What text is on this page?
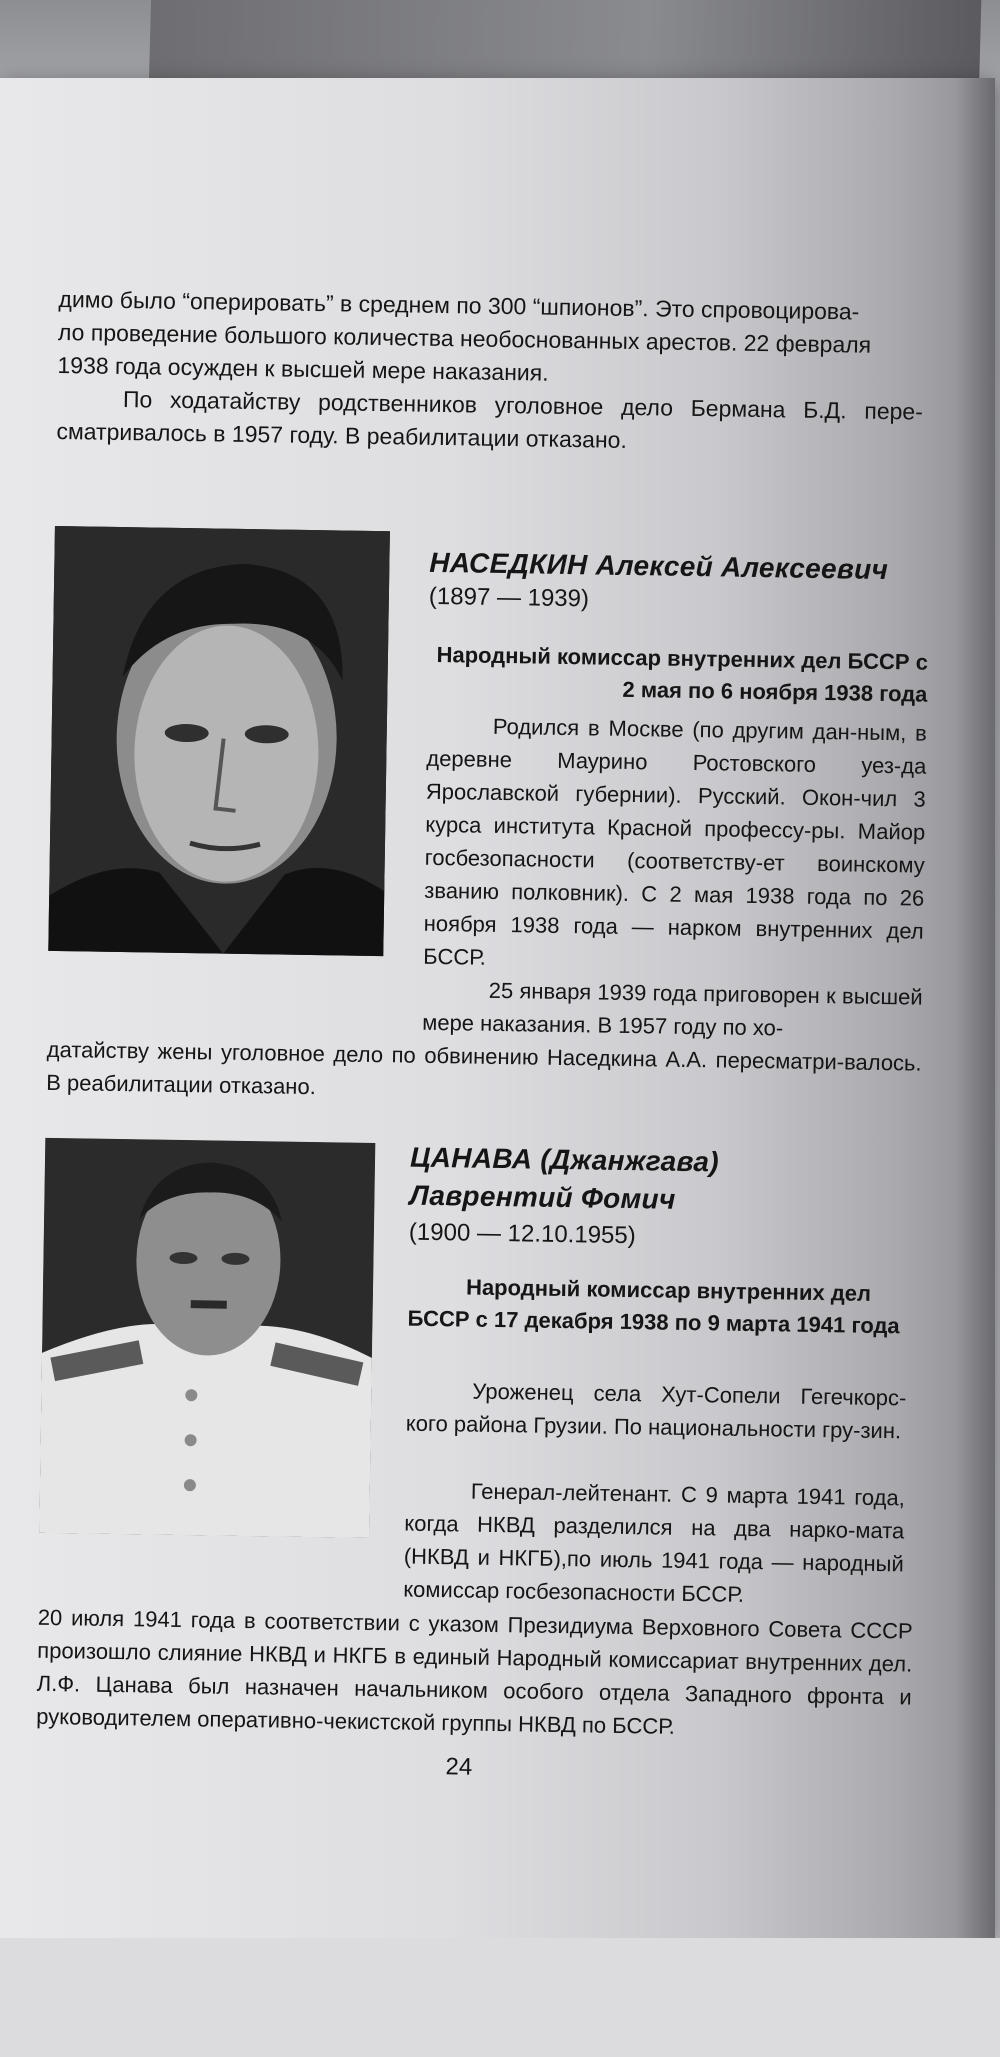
димо было “оперировать” в среднем по 300 “шпионов”. Это спровоцирова-

ло проведение большого количества необоснованных арестов. 22 февраля

1938 года осужден к высшей мере наказания.

По ходатайству родственников уголовное дело Бермана Б.Д. пере-сматривалось в 1957 году. В реабилитации отказано.

НАСЕДКИН Алексей Алексеевич

(1897 — 1939)

Народный комиссар внутренних дел БССР с 2 мая по 6 ноября 1938 года

Родился в Москве (по другим дан-ным, в деревне Маурино Ростовского уез-да Ярославской губернии). Русский. Окон-чил 3 курса института Красной профессу-ры. Майор госбезопасности (соответству-ет воинскому званию полковник). С 2 мая 1938 года по 26 ноября 1938 года — нарком внутренних дел БССР.

25 января 1939 года приговорен к высшей мере наказания. В 1957 году по хо-

датайству жены уголовное дело по обвинению Наседкина А.А. пересматри-валось. В реабилитации отказано.

ЦАНАВА (Джанжгава)

Лаврентий Фомич

(1900 — 12.10.1955)

Народный комиссар внутренних дел БССР с 17 декабря 1938 по 9 марта 1941 года

Уроженец села Хут-Сопели Гегечкорс-кого района Грузии. По национальности гру-зин.

Генерал-лейтенант. С 9 марта 1941 года, когда НКВД разделился на два нарко-мата (НКВД и НКГБ),по июль 1941 года — народный комиссар госбезопасности БССР.

20 июля 1941 года в соответствии с указом Президиума Верховного Совета СССР произошло слияние НКВД и НКГБ в единый Народный комиссариат внутренних дел. Л.Ф. Цанава был назначен начальником особого отдела Западного фронта и руководителем оперативно-чекистской группы НКВД по БССР.

24
